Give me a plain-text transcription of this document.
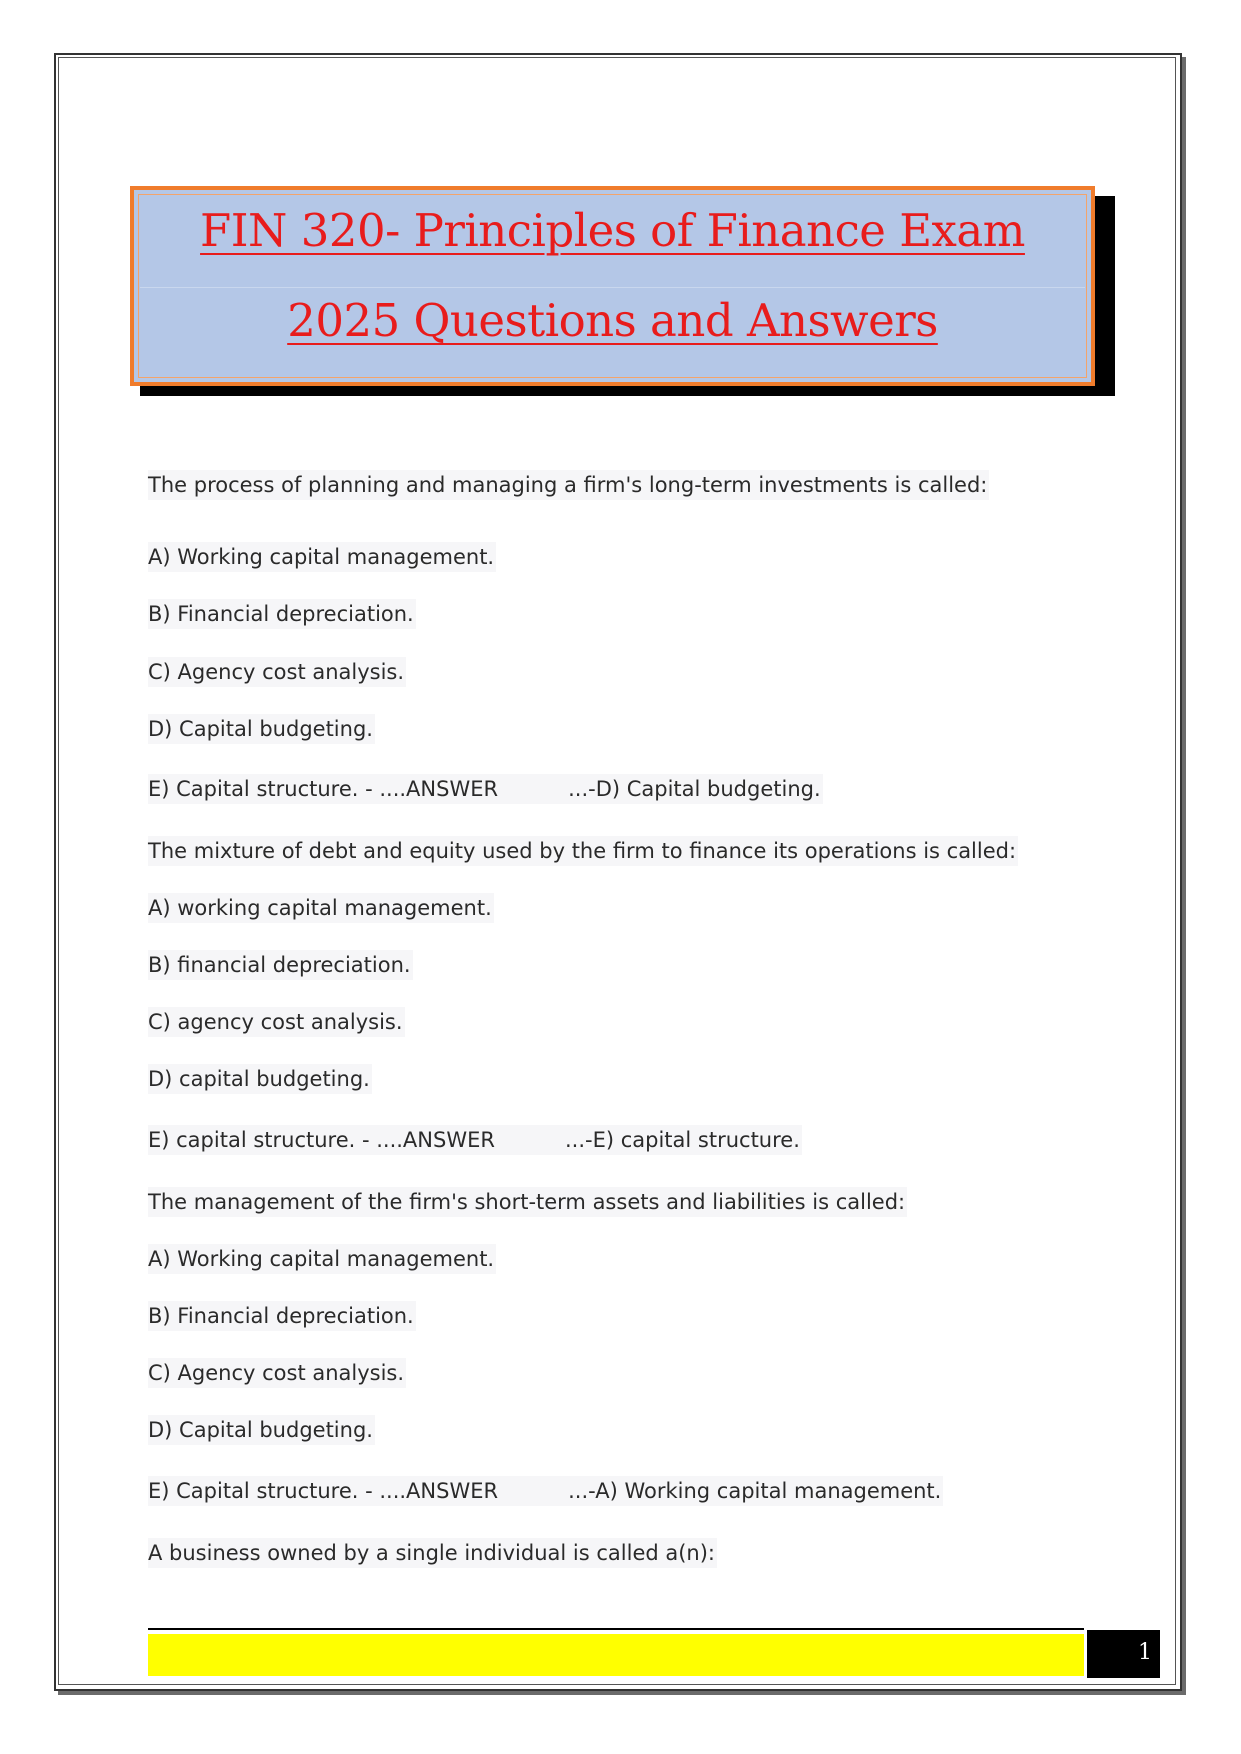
FIN 320- Principles of Finance Exam
2025 Questions and Answers
The process of planning and managing a firm's long-term investments is called:
A) Working capital management.
B) Financial depreciation.
C) Agency cost analysis.
D) Capital budgeting.
E) Capital structure. - ....ANSWER	...-D) Capital budgeting.
The mixture of debt and equity used by the firm to finance its operations is called:
A) working capital management.
B) financial depreciation.
C) agency cost analysis.
D) capital budgeting.
E) capital structure. - ....ANSWER	...-E) capital structure.
The management of the firm's short-term assets and liabilities is called:
A) Working capital management.
B) Financial depreciation.
C) Agency cost analysis.
D) Capital budgeting.
E) Capital structure. - ....ANSWER	...-A) Working capital management.
A business owned by a single individual is called a(n):
1
